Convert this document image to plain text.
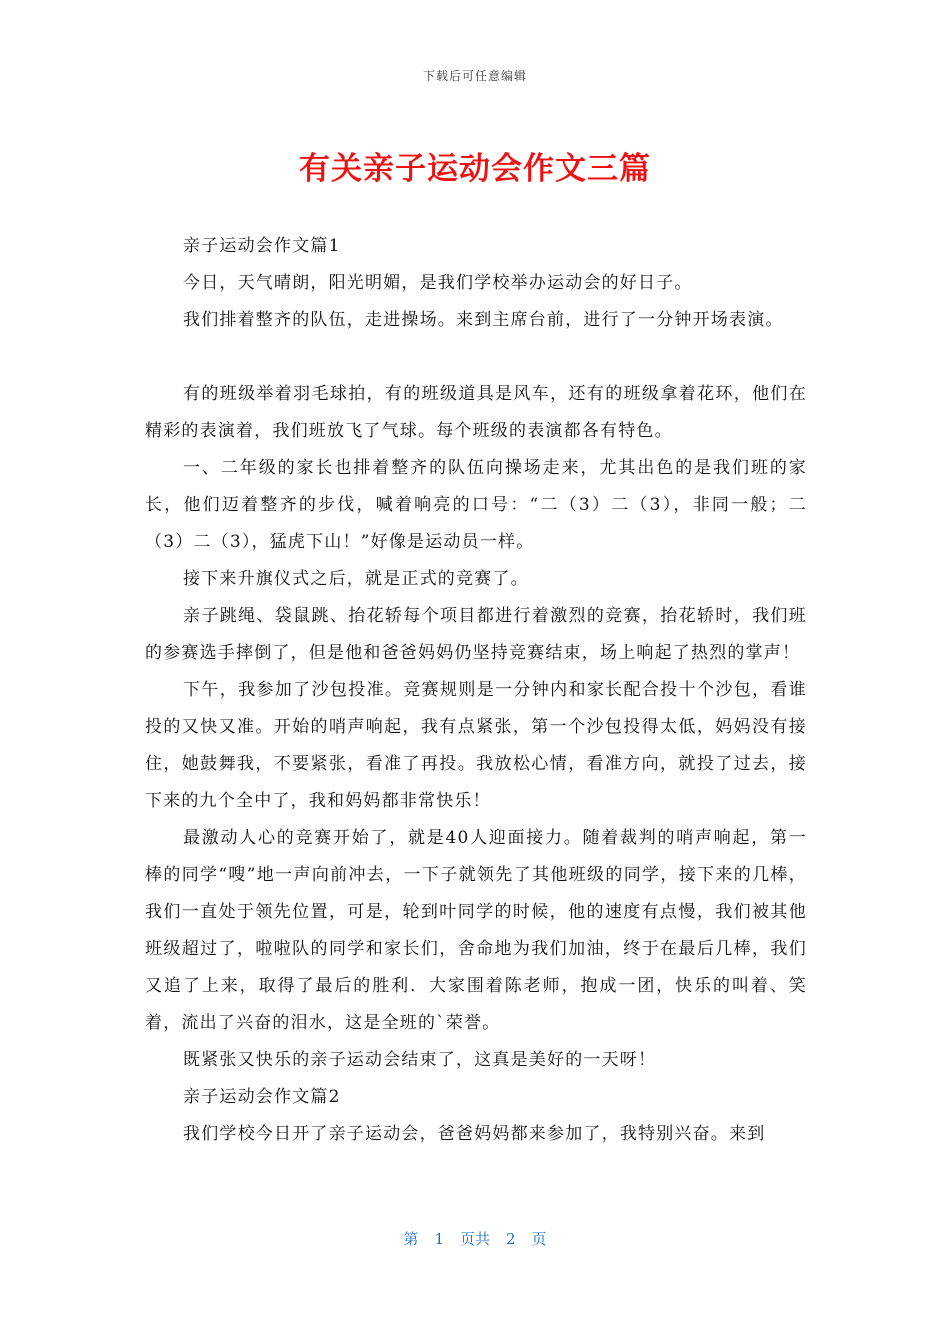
下载后可任意编辑
有关亲子运动会作文三篇

亲子运动会作文篇1

今日，天气晴朗，阳光明媚，是我们学校举办运动会的好日子。

我们排着整齐的队伍，走进操场。来到主席台前，进行了一分钟开场表演。

有的班级举着羽毛球拍，有的班级道具是风车，还有的班级拿着花环，他们在精彩的表演着，我们班放飞了气球。每个班级的表演都各有特色。

一、二年级的家长也排着整齐的队伍向操场走来，尤其出色的是我们班的家长，他们迈着整齐的步伐，喊着响亮的口号：“二（3）二（3），非同一般；二（3）二（3），猛虎下山！”好像是运动员一样。

接下来升旗仪式之后，就是正式的竞赛了。

亲子跳绳、袋鼠跳、抬花轿每个项目都进行着激烈的竞赛，抬花轿时，我们班的参赛选手摔倒了，但是他和爸爸妈妈仍坚持竞赛结束，场上响起了热烈的掌声！

下午，我参加了沙包投准。竞赛规则是一分钟内和家长配合投十个沙包，看谁投的又快又准。开始的哨声响起，我有点紧张，第一个沙包投得太低，妈妈没有接住，她鼓舞我，不要紧张，看准了再投。我放松心情，看准方向，就投了过去，接下来的九个全中了，我和妈妈都非常快乐！

最激动人心的竞赛开始了，就是40人迎面接力。随着裁判的哨声响起，第一棒的同学“嗖”地一声向前冲去，一下子就领先了其他班级的同学，接下来的几棒，我们一直处于领先位置，可是，轮到叶同学的时候，他的速度有点慢，我们被其他班级超过了，啦啦队的同学和家长们，舍命地为我们加油，终于在最后几棒，我们又追了上来，取得了最后的胜利．大家围着陈老师，抱成一团，快乐的叫着、笑着，流出了兴奋的泪水，这是全班的`荣誉。

既紧张又快乐的亲子运动会结束了，这真是美好的一天呀！

亲子运动会作文篇2

我们学校今日开了亲子运动会，爸爸妈妈都来参加了，我特别兴奋。来到

第 1 页共 2 页
